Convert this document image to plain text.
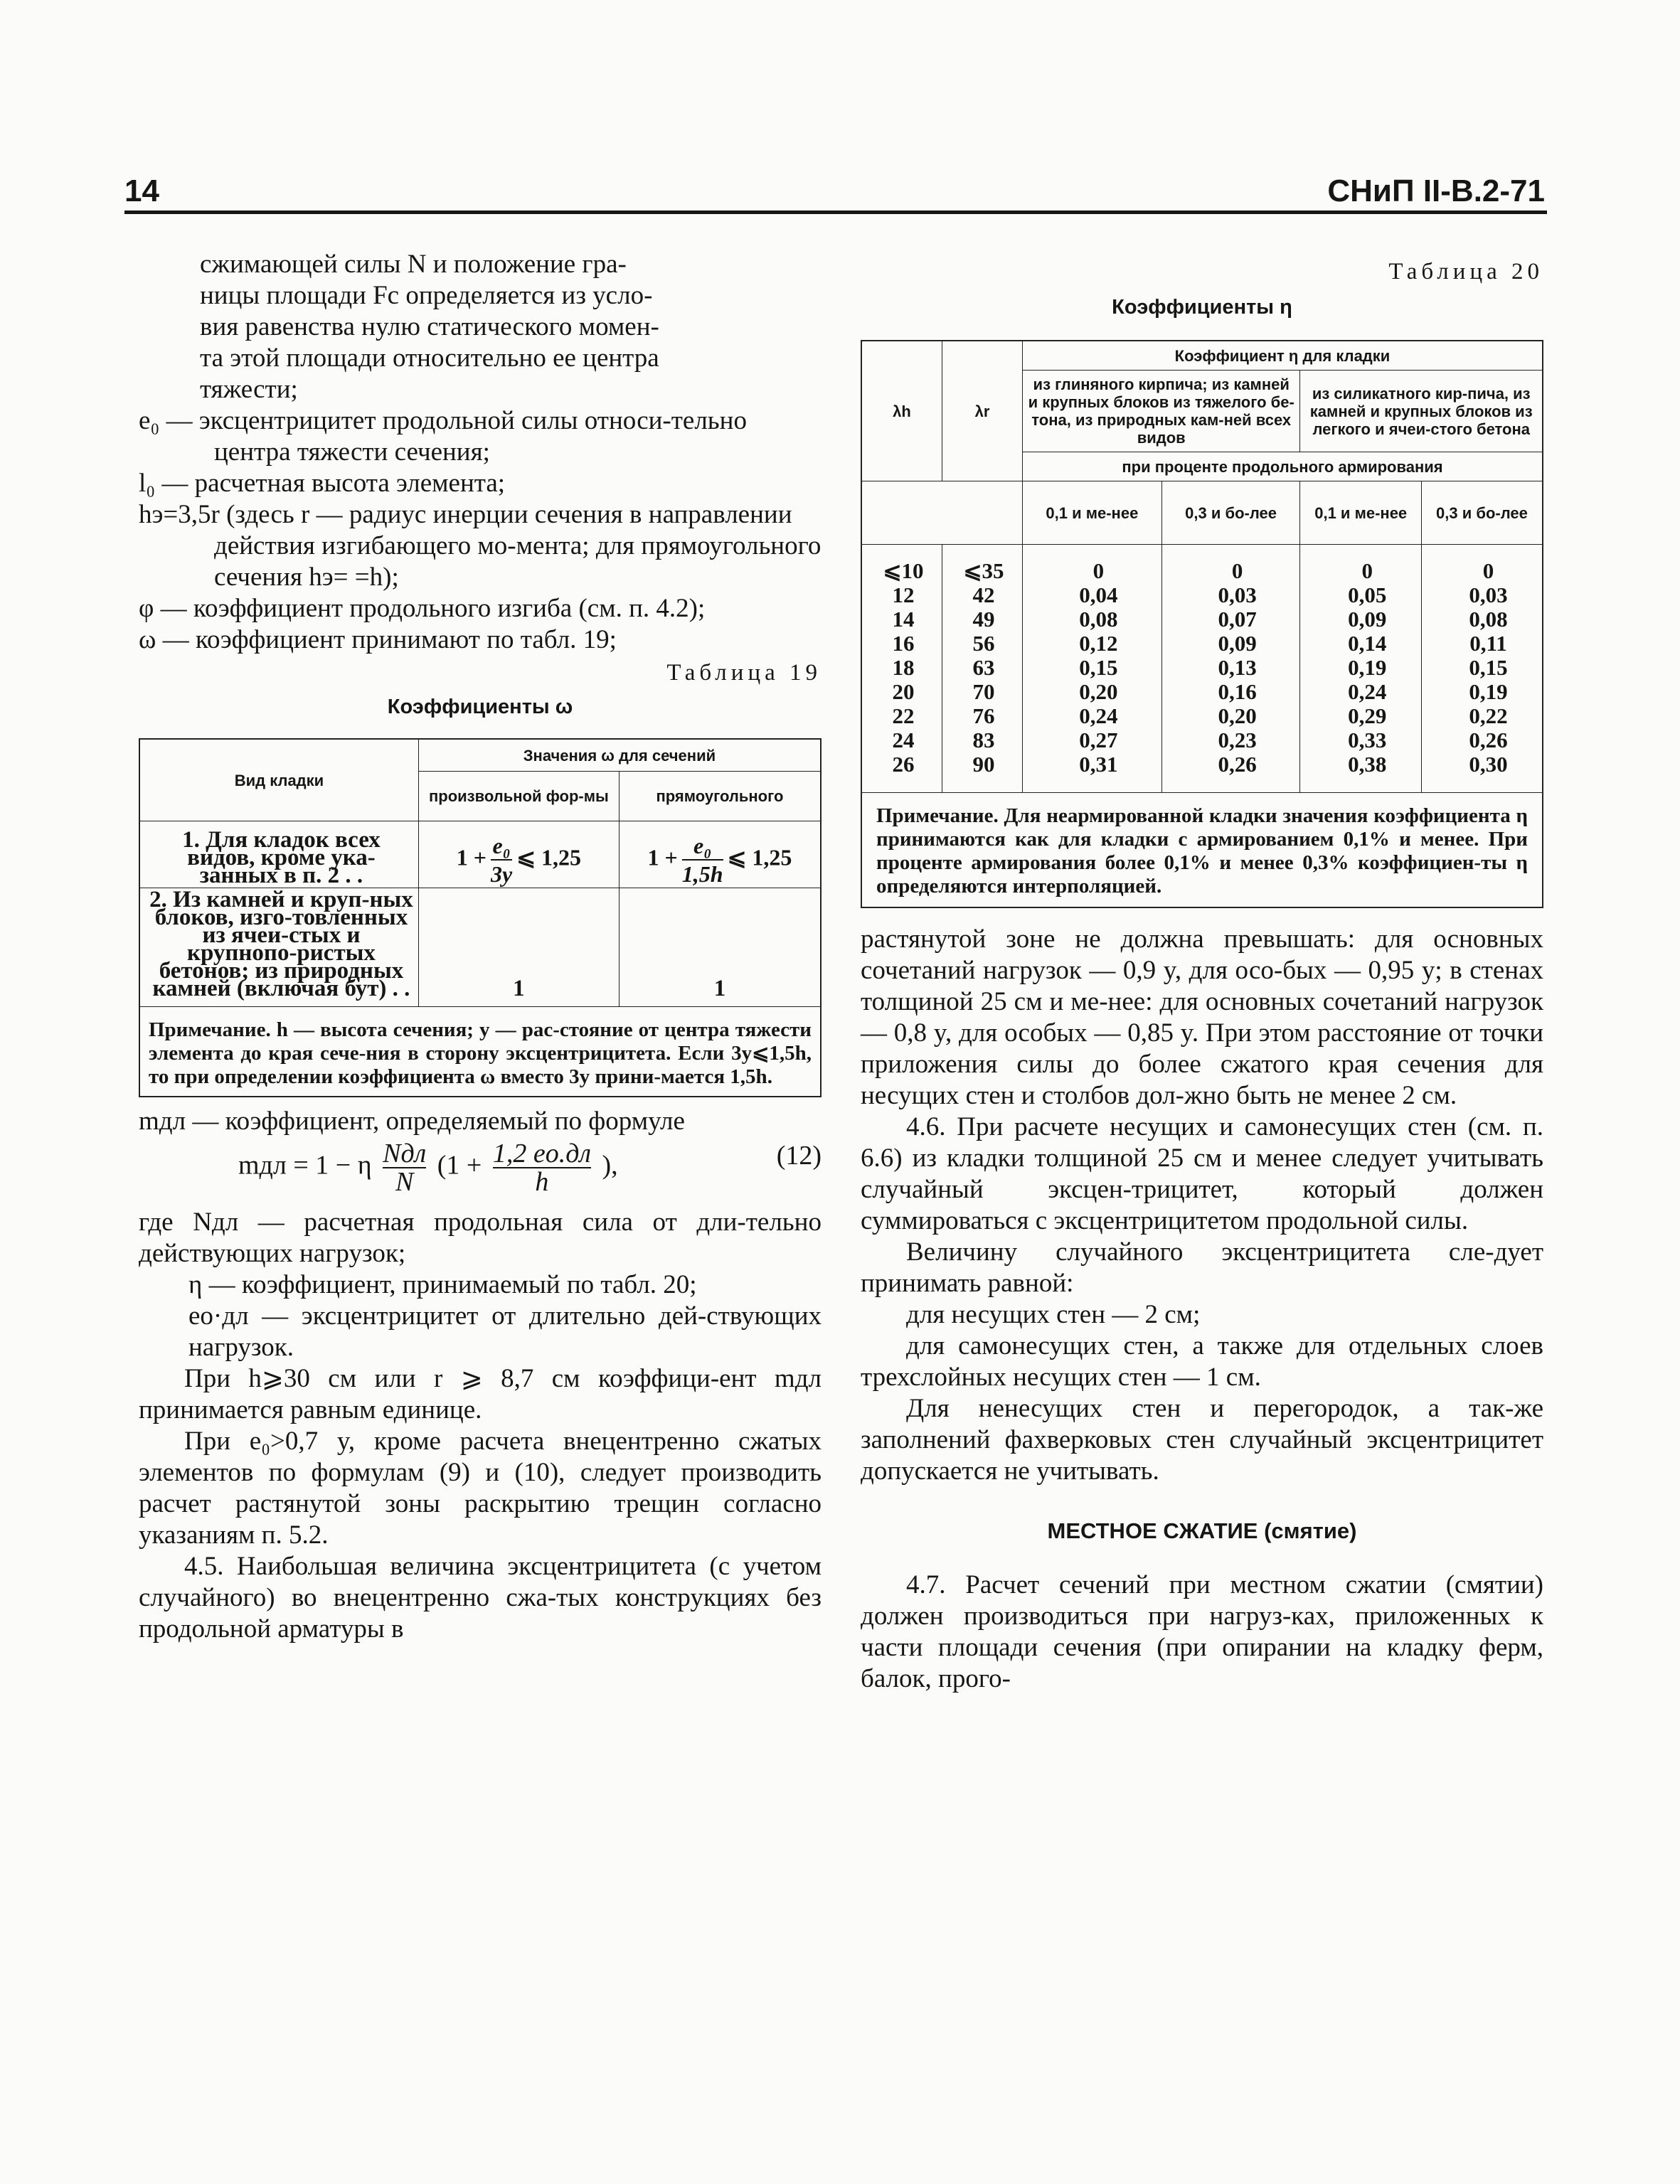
14	СНиП II-В.2-71

сжимающей силы N и положение гра-

ницы площади Fс определяется из усло-

вия равенства нулю статического момен-

та этой площади относительно ее центра

тяжести;

e₀ — эксцентрицитет продольной силы относи-тельно центра тяжести сечения;

l₀ — расчетная высота элемента;

hэ=3,5r (здесь r — радиус инерции сечения в направлении действия изгибающего мо-мента; для прямоугольного сечения hэ= =h);

φ — коэффициент продольного изгиба (см. п. 4.2);

ω — коэффициент принимают по табл. 19;

Таблица 19
Коэффициенты ω
Вид кладки	Значения ω для сечений	
	произвольной фор-мы	прямоугольного
1. Для кладок всех видов, кроме ука-занных в п. 2 . .	$1 + \frac{\text{e₀}}{3y}$ ⩽ 1,25	$1 + \frac{\text{e₀}}{1,5h}$ ⩽ 1,25
2. Из камней и круп-ных блоков, изго-товленных из ячеи-стых и крупнопо-ристых бетонов; из природных камней (включая бут) . .	1	1
Примечание. h — высота сечения; y — рас-стояние от центра тяжести элемента до края сече-ния в сторону эксцентрицитета. Если 3y⩽1,5h, то при определении коэффициента ω вместо 3y прини-мается 1,5h.		

mдл — коэффициент, определяемый по формуле

mдл = 1 − η $\frac{\text{Nдл}}{N} (1 + \frac{1,2 eo.дл}{h}$ ),	(12)

где Nдл — расчетная продольная сила от дли-тельно действующих нагрузок;

η — коэффициент, принимаемый по табл. 20;

eo·дл — эксцентрицитет от длительно дей-ствующих нагрузок.

При h⩾30 см или r ⩾ 8,7 см коэффици-ент mдл принимается равным единице.

При e₀>0,7 y, кроме расчета внецентренно сжатых элементов по формулам (9) и (10), следует производить расчет растянутой зоны раскрытию трещин согласно указаниям п. 5.2.

4.5. Наибольшая величина эксцентрицитета (с учетом случайного) во внецентренно сжа-тых конструкциях без продольной арматуры в

Таблица 20
Коэффициенты η
λh	λr	Коэффициент η для кладки			
		из глиняного кирпича; из камней и крупных блоков из тяжелого бе-тона, из природных кам-ней всех видов		из силикатного кир-пича, из камней и крупных блоков из легкого и ячеи-стого бетона	
		при проценте продольного армирования			
		0,1 и ме-нее	0,3 и бо-лее	0,1 и ме-нее	0,3 и бо-лее
⩽10	⩽35	0	0	0	0
12	42	0,04	0,03	0,05	0,03
14	49	0,08	0,07	0,09	0,08
16	56	0,12	0,09	0,14	0,11
18	63	0,15	0,13	0,19	0,15
20	70	0,20	0,16	0,24	0,19
22	76	0,24	0,20	0,29	0,22
24	83	0,27	0,23	0,33	0,26
26	90	0,31	0,26	0,38	0,30
Примечание. Для неармированной кладки значения коэффициента η принимаются как для кладки с армированием 0,1% и менее. При проценте армирования более 0,1% и менее 0,3% коэффициен-ты η определяются интерполяцией.					

растянутой зоне не должна превышать: для основных сочетаний нагрузок — 0,9 y, для осо-бых — 0,95 y; в стенах толщиной 25 см и ме-нее: для основных сочетаний нагрузок — 0,8 y, для особых — 0,85 y. При этом расстояние от точки приложения силы до более сжатого края сечения для несущих стен и столбов дол-жно быть не менее 2 см.

4.6. При расчете несущих и самонесущих стен (см. п. 6.6) из кладки толщиной 25 см и менее следует учитывать случайный эксцен-трицитет, который должен суммироваться с эксцентрицитетом продольной силы.

Величину случайного эксцентрицитета сле-дует принимать равной:

для несущих стен — 2 см;

для самонесущих стен, а также для отдельных слоев трехслойных несущих стен — 1 см.

Для ненесущих стен и перегородок, а так-же заполнений фахверковых стен случайный эксцентрицитет допускается не учитывать.

МЕСТНОЕ СЖАТИЕ (смятие)

4.7. Расчет сечений при местном сжатии (смятии) должен производиться при нагруз-ках, приложенных к части площади сечения (при опирании на кладку ферм, балок, прого-
